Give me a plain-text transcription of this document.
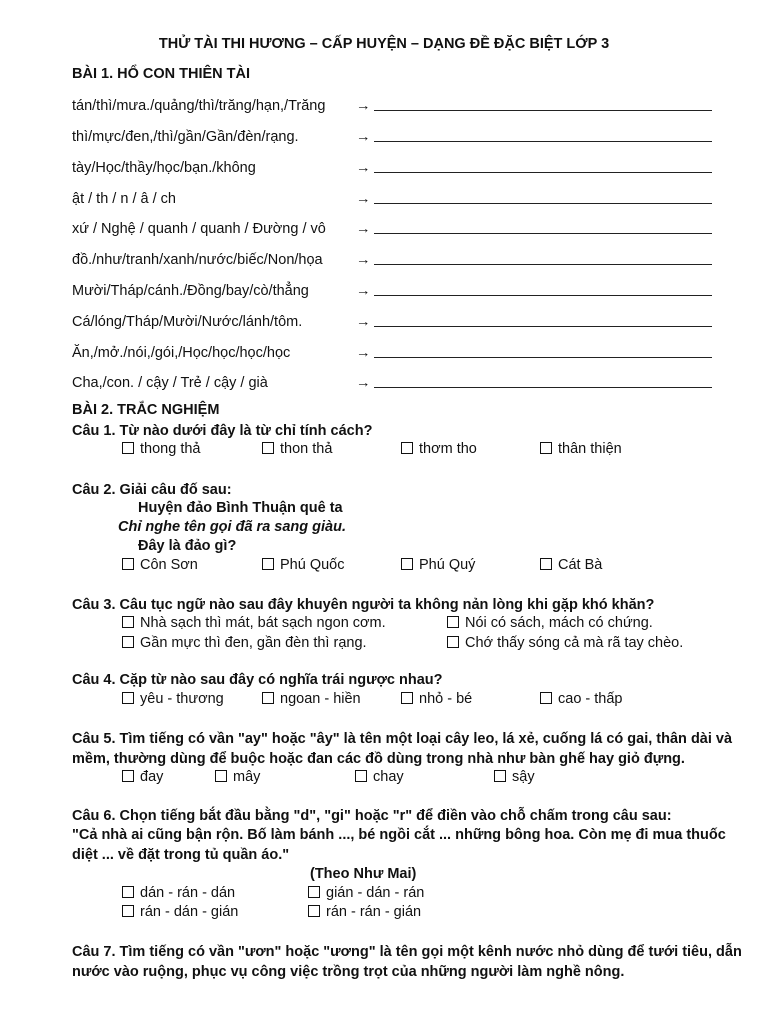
THỬ TÀI THI HƯƠNG – CẤP HUYỆN – DẠNG ĐỀ ĐẶC BIỆT LỚP 3
BÀI 1. HỔ CON THIÊN TÀI
tán/thì/mưa./quảng/thì/trăng/hạn,/Trăng →
thì/mực/đen,/thì/gần/Gần/đèn/rạng.	→
tày/Học/thầy/học/bạn./không	→
ật / th / n / â / ch	→
xứ / Nghệ / quanh / quanh / Đường / vô →
đồ./như/tranh/xanh/nước/biếc/Non/họa →
Mười/Tháp/cánh./Đồng/bay/cò/thẳng	→
Cá/lóng/Tháp/Mười/Nước/lánh/tôm.	→
Ăn,/mở./nói,/gói,/Học/học/học/học	→
Cha,/con. / cậy / Trẻ / cậy / già	→
BÀI 2. TRẮC NGHIỆM
Câu 1. Từ nào dưới đây là từ chỉ tính cách?
thong thả	thon thả	thơm tho	thân thiện
Câu 2. Giải câu đố sau:
Huyện đảo Bình Thuận quê ta
Chỉ nghe tên gọi đã ra sang giàu.
Đây là đảo gì?
Côn Sơn	Phú Quốc	Phú Quý	Cát Bà
Câu 3. Câu tục ngữ nào sau đây khuyên người ta không nản lòng khi gặp khó khăn?
Nhà sạch thì mát, bát sạch ngon cơm.	Nói có sách, mách có chứng.
Gần mực thì đen, gần đèn thì rạng.	Chớ thấy sóng cả mà rã tay chèo.
Câu 4. Cặp từ nào sau đây có nghĩa trái ngược nhau?
yêu - thương	ngoan - hiền	nhỏ - bé	cao - thấp
Câu 5. Tìm tiếng có vần "ay" hoặc "ây" là tên một loại cây leo, lá xẻ, cuống lá có gai, thân dài và mềm, thường dùng để buộc hoặc đan các đồ dùng trong nhà như bàn ghế hay giỏ đựng.
đay	mây	chay	sậy
Câu 6. Chọn tiếng bắt đầu bằng "d", "gi" hoặc "r" để điền vào chỗ chấm trong câu sau:
"Cả nhà ai cũng bận rộn. Bố làm bánh ..., bé ngồi cắt ... những bông hoa. Còn mẹ đi mua thuốc diệt ... về đặt trong tủ quần áo."
(Theo Như Mai)
dán - rán - dán	gián - dán - rán
rán - dán - gián	rán - rán - gián
Câu 7. Tìm tiếng có vần "ươn" hoặc "ương" là tên gọi một kênh nước nhỏ dùng để tưới tiêu, dẫn nước vào ruộng, phục vụ công việc trồng trọt của những người làm nghề nông.
